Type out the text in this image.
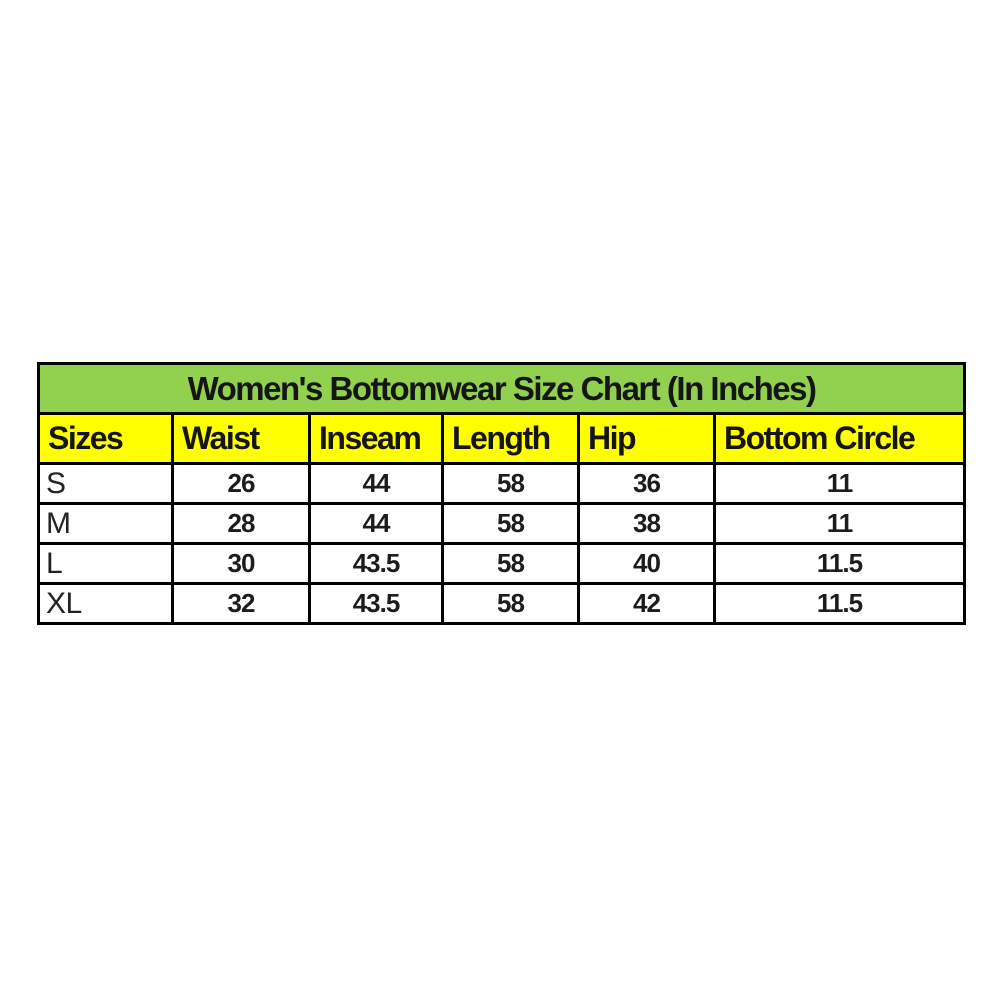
Women's Bottomwear Size Chart (In Inches)					
Sizes	Waist	Inseam	Length	Hip	Bottom Circle
S	26	44	58	36	11
M	28	44	58	38	11
L	30	43.5	58	40	11.5
XL	32	43.5	58	42	11.5
